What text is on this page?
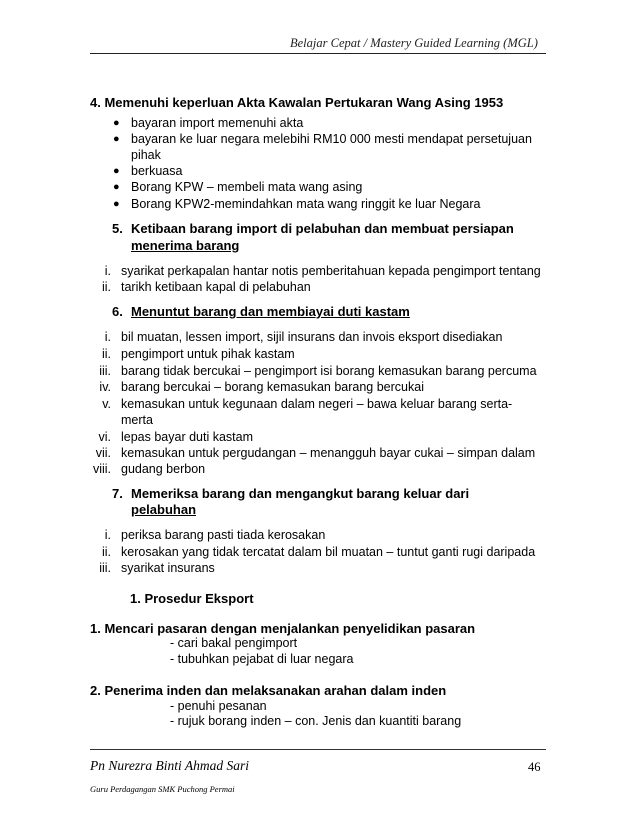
Belajar Cepat / Mastery Guided Learning (MGL)
4. Memenuhi keperluan Akta Kawalan Pertukaran Wang Asing 1953
● bayaran import memenuhi akta
● bayaran ke luar negara melebihi RM10 000 mesti mendapat persetujuan
pihak
● berkuasa
● Borang KPW – membeli mata wang asing
● Borang KPW2-memindahkan mata wang ringgit ke luar Negara
5. Ketibaan barang import di pelabuhan dan membuat persiapan
menerima barang
i. syarikat perkapalan hantar notis pemberitahuan kepada pengimport tentang
ii. tarikh ketibaan kapal di pelabuhan
6. Menuntut barang dan membiayai duti kastam
i. bil muatan, lessen import, sijil insurans dan invois eksport disediakan
ii. pengimport untuk pihak kastam
iii. barang tidak bercukai – pengimport isi borang kemasukan barang percuma
iv. barang bercukai – borang kemasukan barang bercukai
v. kemasukan untuk kegunaan dalam negeri – bawa keluar barang serta-
merta
vi. lepas bayar duti kastam
vii. kemasukan untuk pergudangan – menangguh bayar cukai – simpan dalam
viii. gudang berbon
7. Memeriksa barang dan mengangkut barang keluar dari
pelabuhan
i. periksa barang pasti tiada kerosakan
ii. kerosakan yang tidak tercatat dalam bil muatan – tuntut ganti rugi daripada
iii. syarikat insurans
1. Prosedur Eksport
1. Mencari pasaran dengan menjalankan penyelidikan pasaran
- cari bakal pengimport
- tubuhkan pejabat di luar negara
2. Penerima inden dan melaksanakan arahan dalam inden
- penuhi pesanan
- rujuk borang inden – con. Jenis dan kuantiti barang
Pn Nurezra Binti Ahmad Sari
Guru Perdagangan SMK Puchong Permai
46
